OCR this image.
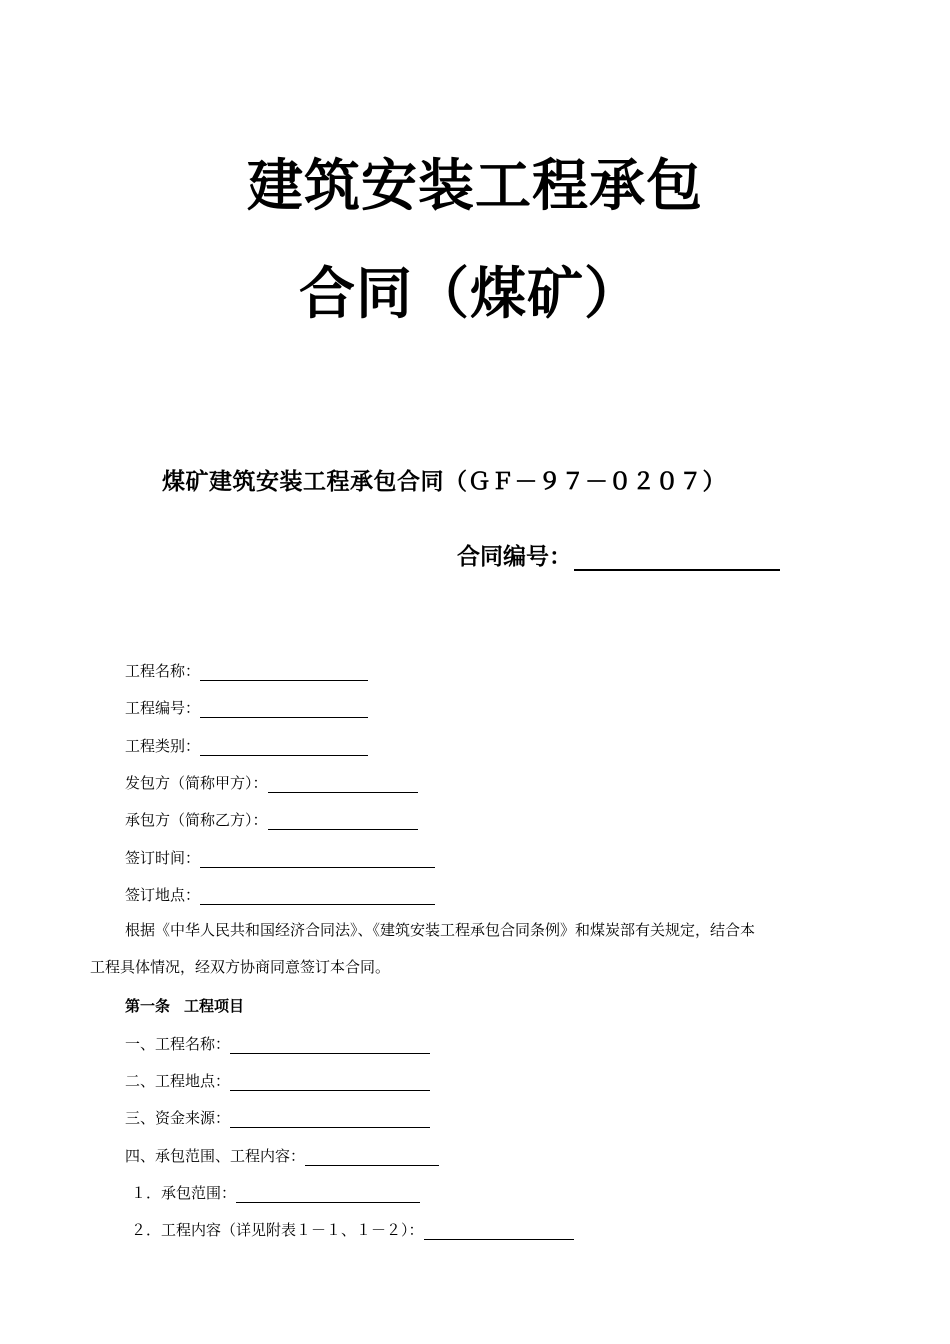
建筑安装工程承包
合同（煤矿）
煤矿建筑安装工程承包合同（ＧＦ－９７－０２０７）
合同编号：
工程名称：
工程编号：
工程类别：
发包方（简称甲方）：
承包方（简称乙方）：
签订时间：
签订地点：
根据《中华人民共和国经济合同法》、《建筑安装工程承包合同条例》和煤炭部有关规定，结合本
工程具体情况，经双方协商同意签订本合同。
第一条 工程项目
一、工程名称：
二、工程地点：
三、资金来源：
四、承包范围、工程内容：
１．承包范围：
２．工程内容（详见附表１－１、１－２）：
